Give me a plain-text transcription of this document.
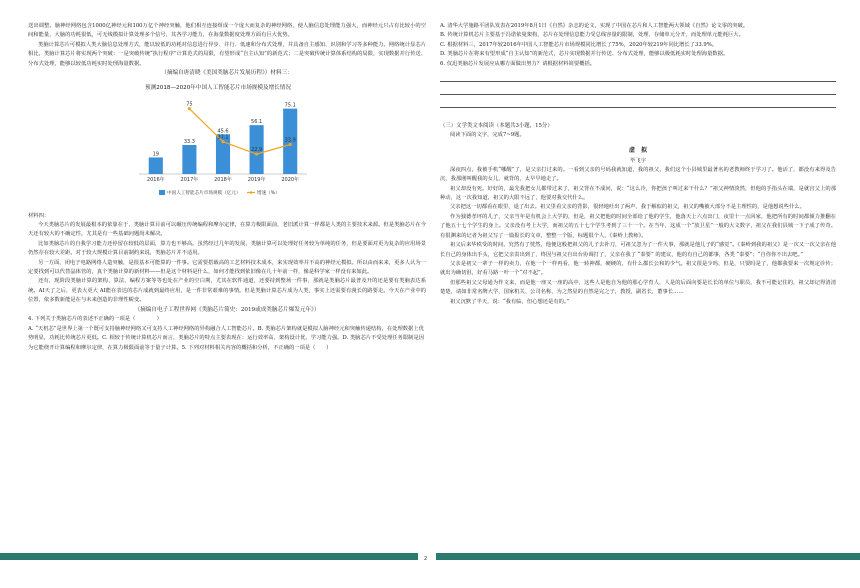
送出调整。脑神经网络包含1000亿神经元和100万亿个神经突触，他们相互连接组成一个庞大而复杂的神经网络，使人脑信息处理能力强大，而神经元只占有比较小的空间和能量，大脑的功耗很低，可无线模拟计算处理多个信号，其各学习能力，在海量数据度处理方面有巨大优势。

类脑计算芯片可模拟人类大脑信息处理方式，能以较低的功耗对信息进行异步、并行、低速和分布式处理，并具备自主感知、识别和学习等多种能力。网络统计显芯片相比，类脑计算芯片将实现两个突破：一是突破传统“执行程序”计算范式的局限，有望形成“自主认知”的新范式；二是突破传统计算体系结构的局限，实现数据并行传送、分布式处理，能够以较低功耗实时处理海量数据。

（摘编自唐清晓《美国类脑芯片发展历程》）材料三：

预测2018—2020年中国人工智能芯片市场规模及增长情况
19
2016年
33.3
2017年
45.6
2018年
56.1
2019年
75.1
2020年
75
37.1
22.9
33.9
中国人工智能芯片市场规模（亿元）	增速（%）

材料四：

今天类脑芯片的发展最根本的依靠在于，类脑计算目前可以碾压传统编程和摩尔定律，在算力极限面前，老旧派计算一样都是人类的主要技术来源。但是类脑芯片在今天还有较大的不确定性，尤其是有一些基础问题尚未解决。

比如类脑芯片的自我学习能力还停留在较低的层面，算力也不够高。虽然经过几年的发展，类脑计算可以处理好任务较为单纯的任务，但是要面对更为复杂的应用场景仍然存在较大差距。对于较大规模计算目前制约来说，类脑芯片并不适用。

另一方面，闭电子电路网络人造突触，是很基本可能算的一件事。它需要搭载高的工艺材料技术成本，来实现效率并不高的神经元模拟。所以由而来来，更多人认为一定要找到可以代替晶体管的，真个类脑计算的新材料——但是这个材料是什么，如何才能找到依旧像在几十年前一样，像是科学家一样没有来如此。

还有，现阶段类脑计算的架构、算法、编程方案等等也处在产业的空白期，尤其在软件通道，还要持到整场一件事，那就是类脑芯片最普及开的还是要有类脑表达系统。AI天了之后，更表大更大 AI能在表达的芯片成就到最终应用，是一件非常艰难的事情。但是类脑计算芯片成为人类，事实上还需要有漫长的路要走。今天在产业中的位置，依多数新能是在与未来创造的非理性蜕变。

（摘编自电子工程世界网《类脑芯片简史：2019或成类脑芯片爆发元年》）

4. 下列关于类脑芯片的表述不正确的一项是（　　　　）

A. “天机芯”是世界上第一个既可支持脑神经网络又可支持人工神经网络的异构融合人工智能芯片。B. 类脑芯片架构就是模拟人脑神经元和突触传递结构，在处理数据上优势明显，功耗比传统芯片更低。C. 相较于传统计算机芯片而言，类脑芯片的特点主要表现在：运行效率高、架构设计优、学习能力强。D. 类脑芯片不受处理任务限制是因为它能绕开计算编程和摩尔定律，在算力极限面前等于量子计算。5. 下列对材料相关内容的概括和分析，不正确的一项是（　　）

A. 清华大学施路平团队发表在2019年8月1日《自然》杂志的论文，实现了中国在芯片和人工智能两大领域《自然》论文零的突破。

B. 传统计算机芯片主要基于冯诺依曼架构，芯片在处理信息能力受总线容量的限制，处理、存储单元分开，而处理单元能耗巨大。

C. 根据材料三，2017年较2016年中国人工智能芯片市场规模同比增长了75%，2020年较219年同比增长了33.9%。

D. 类脑芯片在将来有望形成“自主认知”的新范式，芯片实现数据并行传送、分布式处理，能够以极低耗实时处理海量数据。

6. 仅迅类脑芯片发展应从哪方面做出努力？请根据材料简要概括。

（三）文学类文本阅读（本题共3小题，15分）

阅读下面的文字，完成7~9题。

虚　拟

毕飞宇

深夜四点，我被手机“哪醒”了，是父亲打过来的。一看到父亲的号码我就知道，我的祖父，我们这个小县城里最著名的老教师终于学习了。他活了，都没有来得及告沉，我那刚叫醒我的女儿，就背的，太早早地走了。

祖父却没有死。好好的，最先我把女儿都带过来了，祖父背在不成问，说：“这么冷，你把孩子叫过来干什么？”祖父神情淡然，但他的手指头在端，是就宫父上的那种动，这一次我知道，祖父的大限不远了，他要对我交代什么。

父亲把这一切都看在眼里，退了出去。祖父里看父亲的背影，很轻地吐出了两声，我于解似的祖父，祖父的嘴被大部分不是主理性的，是他想说些什么。

作为独德孝坪的儿子，父亲当年是有机会上大学的，但是，祖父把他的时间全部给了他的学生，他落天上六点出门，夜里十一点回家，他把所有的时间都倾力推翻在了他五十七个学生的身上。父亲没有考上大学，而祖父的五十七个学生考到了三十一个。在当年，这成一个“放卫星”一般的大文数字，祖父在我们县城一下子成了传奇。有很渊来的记者为祖父写了一篇报长的文章，整整一个版，标题很个人，《秦岭上教师》。

祖父后来华秩受的时间，究然有了恍然，他便这般把祖父的儿子去补刀，可祖父忽为了一件大事，那就是他儿子的“感觉”。《秦岭到我的祖父》是一次又一次父亲在他长自己的身体出手头，它把父亲责出到了，终因与祖父自出台协调打了，父亲在我了 “泰要” 的建议，他的有自己的都事，各类 “泰要”；“自你你不出去吧。”

父亲是初父一辈子一样的卖力，在他一个一样再看，他一转神都，硬硬的，有什么都长公和的少气。祖父很是少吗，但是，只要吗是了，他都我要来一次规定诊传；就出为确切沮，好看马路一叶一个“对不起”。

但那些祖父父母通为作文来，而是他一座又一座的高中，这些人是他自为他的那心学育人，人是的后面向要是长长的单位与职员，我不可能记住的，祖父却记得清清楚楚，请如非常名牌大学，国家机关、公司名称，为之然显的自然是完之子，教授，副省长，董事长……

祖父沉默了半天，说：“我有临，但心想还是有的。”

2
